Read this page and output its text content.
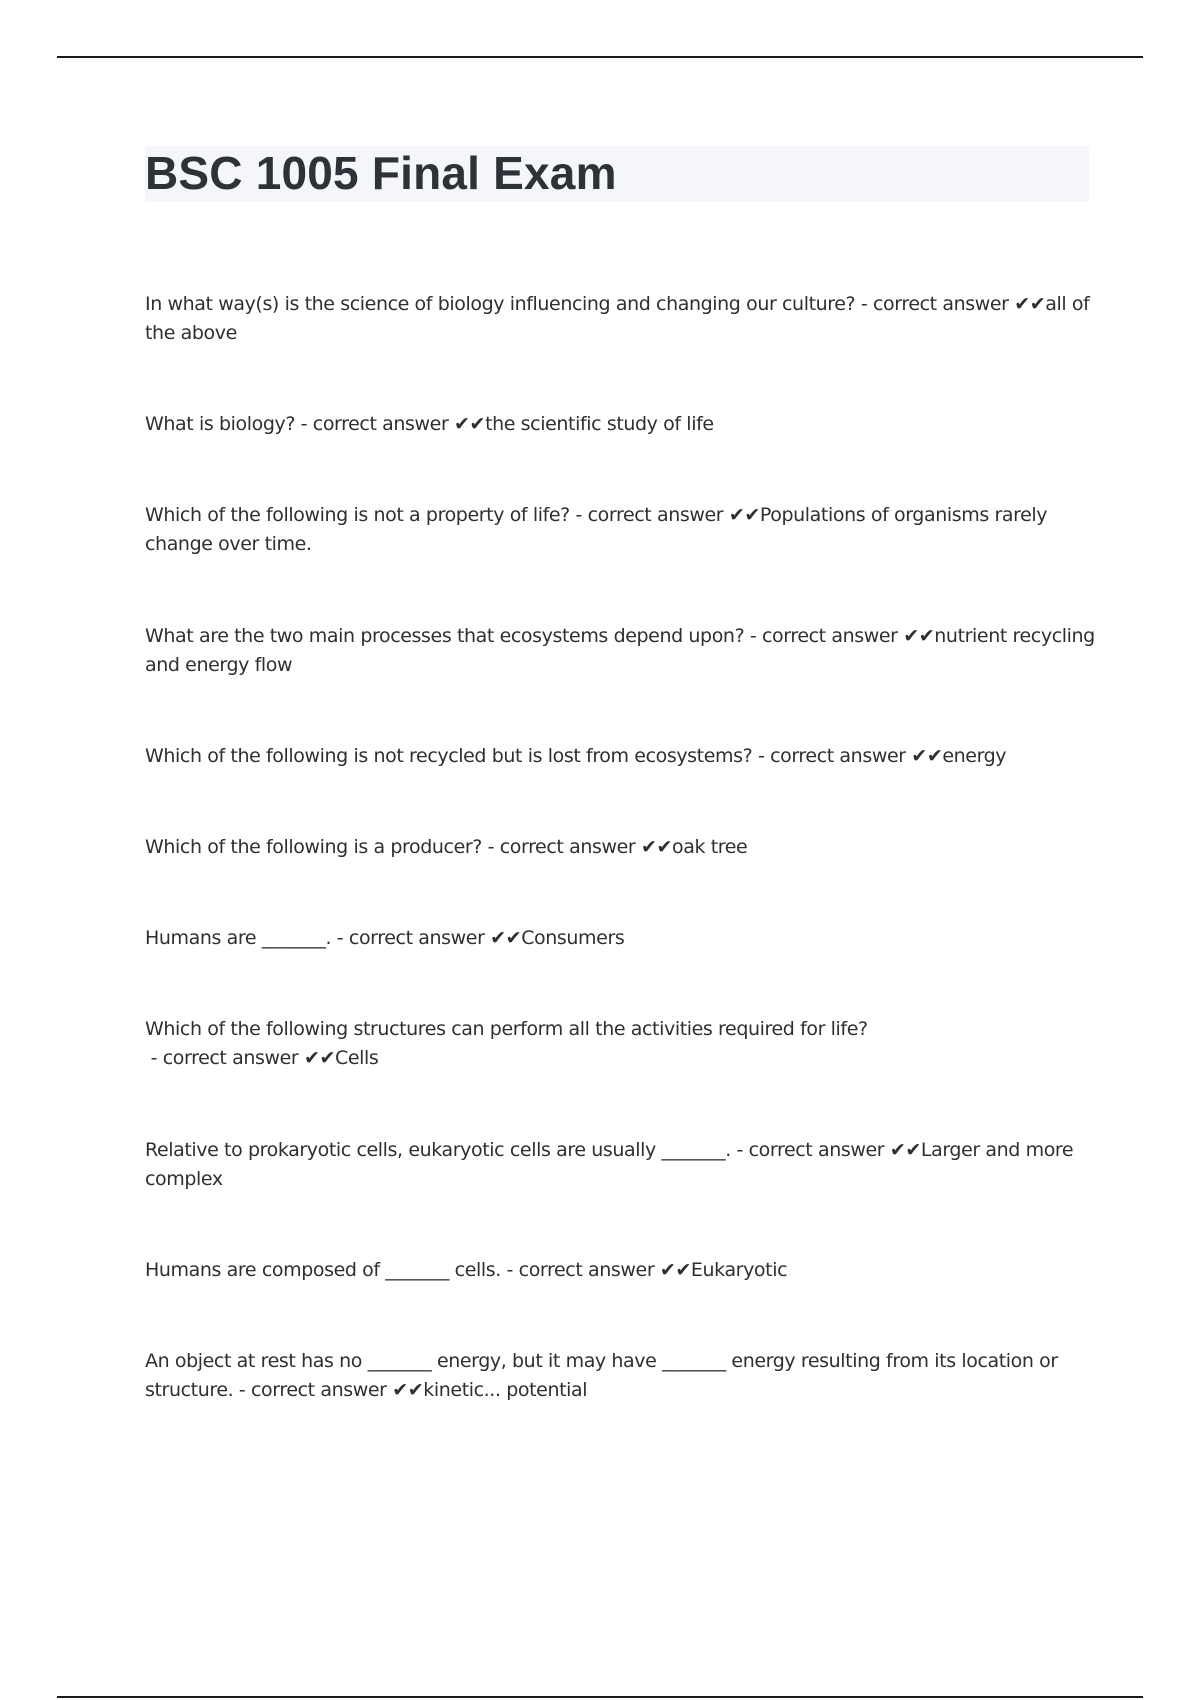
BSC 1005 Final Exam

In what way(s) is the science of biology influencing and changing our culture? - correct answer ✔✔all of the above

What is biology? - correct answer ✔✔the scientific study of life

Which of the following is not a property of life? - correct answer ✔✔Populations of organisms rarely change over time.

What are the two main processes that ecosystems depend upon? - correct answer ✔✔nutrient recycling and energy flow

Which of the following is not recycled but is lost from ecosystems? - correct answer ✔✔energy

Which of the following is a producer? - correct answer ✔✔oak tree

Humans are _______. - correct answer ✔✔Consumers

Which of the following structures can perform all the activities required for life? - correct answer ✔✔Cells

Relative to prokaryotic cells, eukaryotic cells are usually _______. - correct answer ✔✔Larger and more complex

Humans are composed of _______ cells. - correct answer ✔✔Eukaryotic

An object at rest has no _______ energy, but it may have _______ energy resulting from its location or structure. - correct answer ✔✔kinetic... potential
